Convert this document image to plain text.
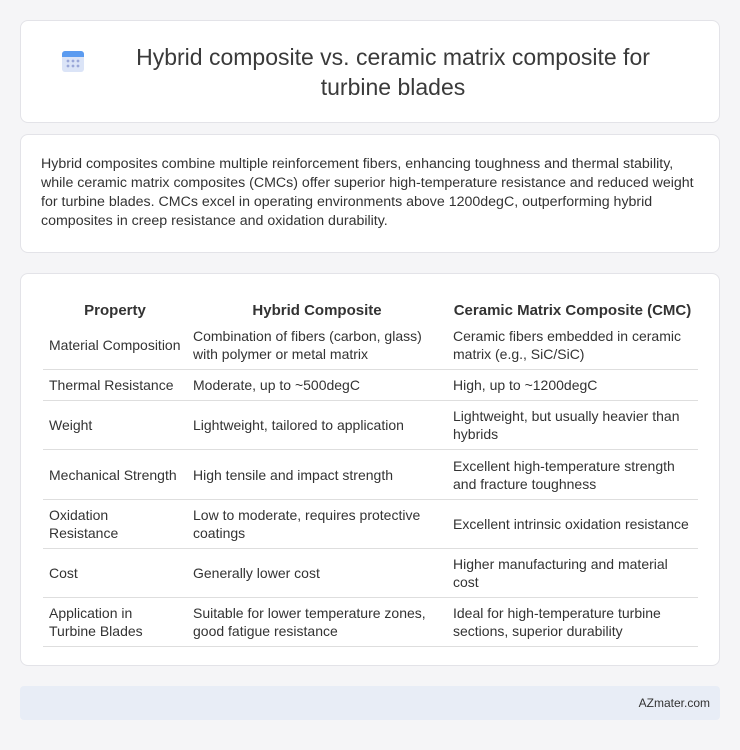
Hybrid composite vs. ceramic matrix composite for turbine blades

Hybrid composites combine multiple reinforcement fibers, enhancing toughness and thermal stability, while ceramic matrix composites (CMCs) offer superior high-temperature resistance and reduced weight for turbine blades. CMCs excel in operating environments above 1200degC, outperforming hybrid composites in creep resistance and oxidation durability.

Property	Hybrid Composite	Ceramic Matrix Composite (CMC)
Material Composition	Combination of fibers (carbon, glass) with polymer or metal matrix	Ceramic fibers embedded in ceramic matrix (e.g., SiC/SiC)
Thermal Resistance	Moderate, up to ~500degC	High, up to ~1200degC
Weight	Lightweight, tailored to application	Lightweight, but usually heavier than hybrids
Mechanical Strength	High tensile and impact strength	Excellent high-temperature strength and fracture toughness
Oxidation Resistance	Low to moderate, requires protective coatings	Excellent intrinsic oxidation resistance
Cost	Generally lower cost	Higher manufacturing and material cost
Application in Turbine Blades	Suitable for lower temperature zones, good fatigue resistance	Ideal for high-temperature turbine sections, superior durability
AZmater.com
